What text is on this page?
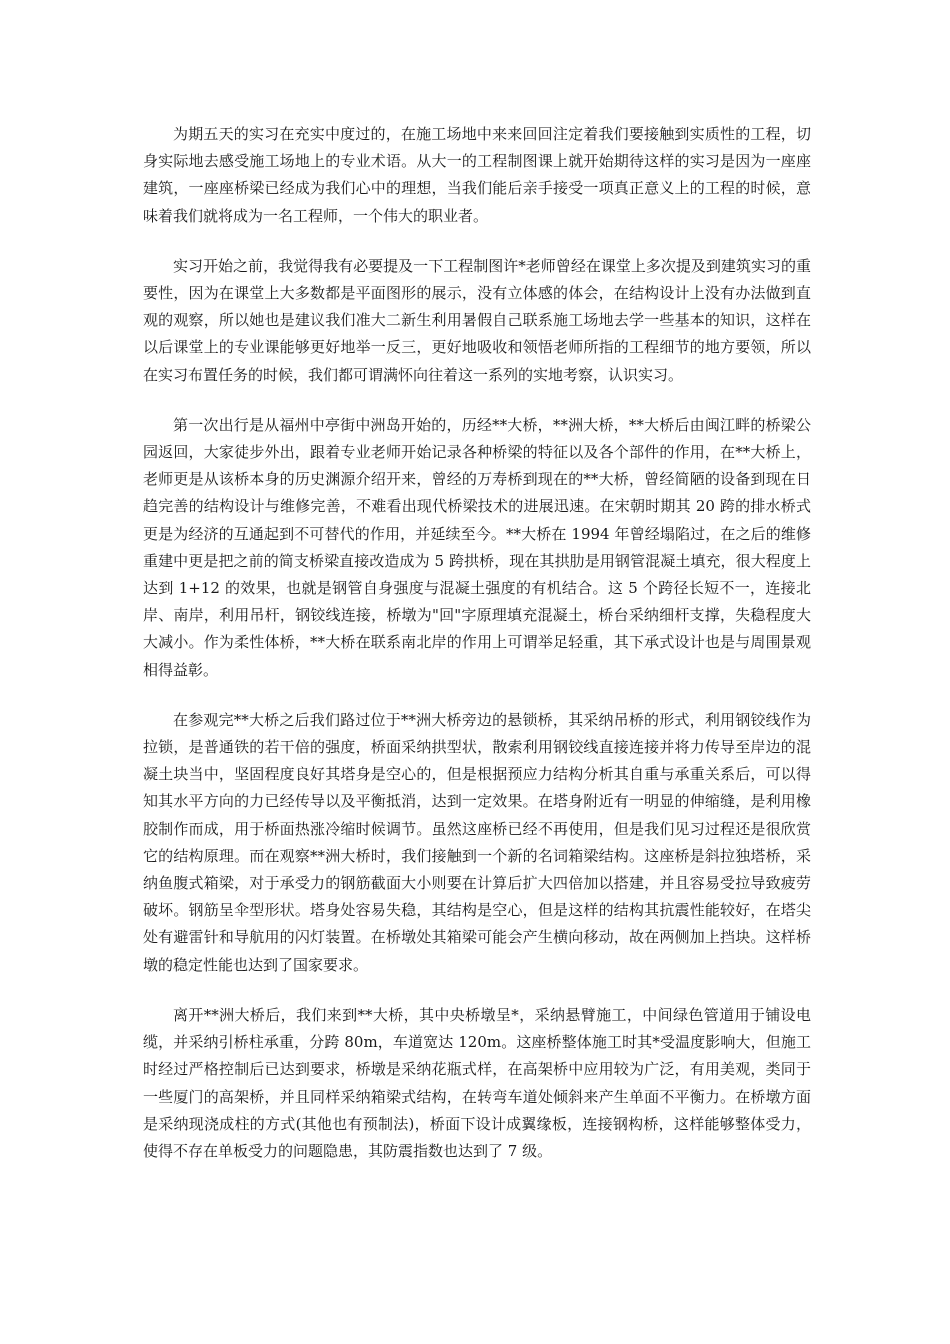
为期五天的实习在充实中度过的，在施工场地中来来回回注定着我们要接触到实质性的工程，切身实际地去感受施工场地上的专业术语。从大一的工程制图课上就开始期待这样的实习是因为一座座建筑，一座座桥梁已经成为我们心中的理想，当我们能后亲手接受一项真正意义上的工程的时候，意味着我们就将成为一名工程师，一个伟大的职业者。

实习开始之前，我觉得我有必要提及一下工程制图许*老师曾经在课堂上多次提及到建筑实习的重要性，因为在课堂上大多数都是平面图形的展示，没有立体感的体会，在结构设计上没有办法做到直观的观察，所以她也是建议我们准大二新生利用暑假自己联系施工场地去学一些基本的知识，这样在以后课堂上的专业课能够更好地举一反三，更好地吸收和领悟老师所指的工程细节的地方要领，所以在实习布置任务的时候，我们都可谓满怀向往着这一系列的实地考察，认识实习。

第一次出行是从福州中亭街中洲岛开始的，历经**大桥，**洲大桥，**大桥后由闽江畔的桥梁公园返回，大家徒步外出，跟着专业老师开始记录各种桥梁的特征以及各个部件的作用，在**大桥上，老师更是从该桥本身的历史渊源介绍开来，曾经的万寿桥到现在的**大桥，曾经简陋的设备到现在日趋完善的结构设计与维修完善，不难看出现代桥梁技术的进展迅速。在宋朝时期其 20 跨的排水桥式更是为经济的互通起到不可替代的作用，并延续至今。**大桥在 1994 年曾经塌陷过，在之后的维修重建中更是把之前的简支桥梁直接改造成为 5 跨拱桥，现在其拱肋是用钢管混凝土填充，很大程度上达到 1+12 的效果，也就是钢管自身强度与混凝土强度的有机结合。这 5 个跨径长短不一，连接北岸、南岸，利用吊杆，钢铰线连接，桥墩为"回"字原理填充混凝土，桥台采纳细杆支撑，失稳程度大大减小。作为柔性体桥，**大桥在联系南北岸的作用上可谓举足轻重，其下承式设计也是与周围景观相得益彰。

在参观完**大桥之后我们路过位于**洲大桥旁边的悬锁桥，其采纳吊桥的形式，利用钢铰线作为拉锁，是普通铁的若干倍的强度，桥面采纳拱型状，散索利用钢铰线直接连接并将力传导至岸边的混凝土块当中，坚固程度良好其塔身是空心的，但是根据预应力结构分析其自重与承重关系后，可以得知其水平方向的力已经传导以及平衡抵消，达到一定效果。在塔身附近有一明显的伸缩缝，是利用橡胶制作而成，用于桥面热涨冷缩时候调节。虽然这座桥已经不再使用，但是我们见习过程还是很欣赏它的结构原理。而在观察**洲大桥时，我们接触到一个新的名词箱梁结构。这座桥是斜拉独塔桥，采纳鱼腹式箱梁，对于承受力的钢筋截面大小则要在计算后扩大四倍加以搭建，并且容易受拉导致疲劳破坏。钢筋呈伞型形状。塔身处容易失稳，其结构是空心，但是这样的结构其抗震性能较好，在塔尖处有避雷针和导航用的闪灯装置。在桥墩处其箱梁可能会产生横向移动，故在两侧加上挡块。这样桥墩的稳定性能也达到了国家要求。

离开**洲大桥后，我们来到**大桥，其中央桥墩呈*，采纳悬臂施工，中间绿色管道用于铺设电缆，并采纳引桥柱承重，分跨 80m，车道宽达 120m。这座桥整体施工时其*受温度影响大，但施工时经过严格控制后已达到要求，桥墩是采纳花瓶式样，在高架桥中应用较为广泛，有用美观，类同于一些厦门的高架桥，并且同样采纳箱梁式结构，在转弯车道处倾斜来产生单面不平衡力。在桥墩方面是采纳现浇成柱的方式(其他也有预制法)，桥面下设计成翼缘板，连接钢构桥，这样能够整体受力，使得不存在单板受力的问题隐患，其防震指数也达到了 7 级。
